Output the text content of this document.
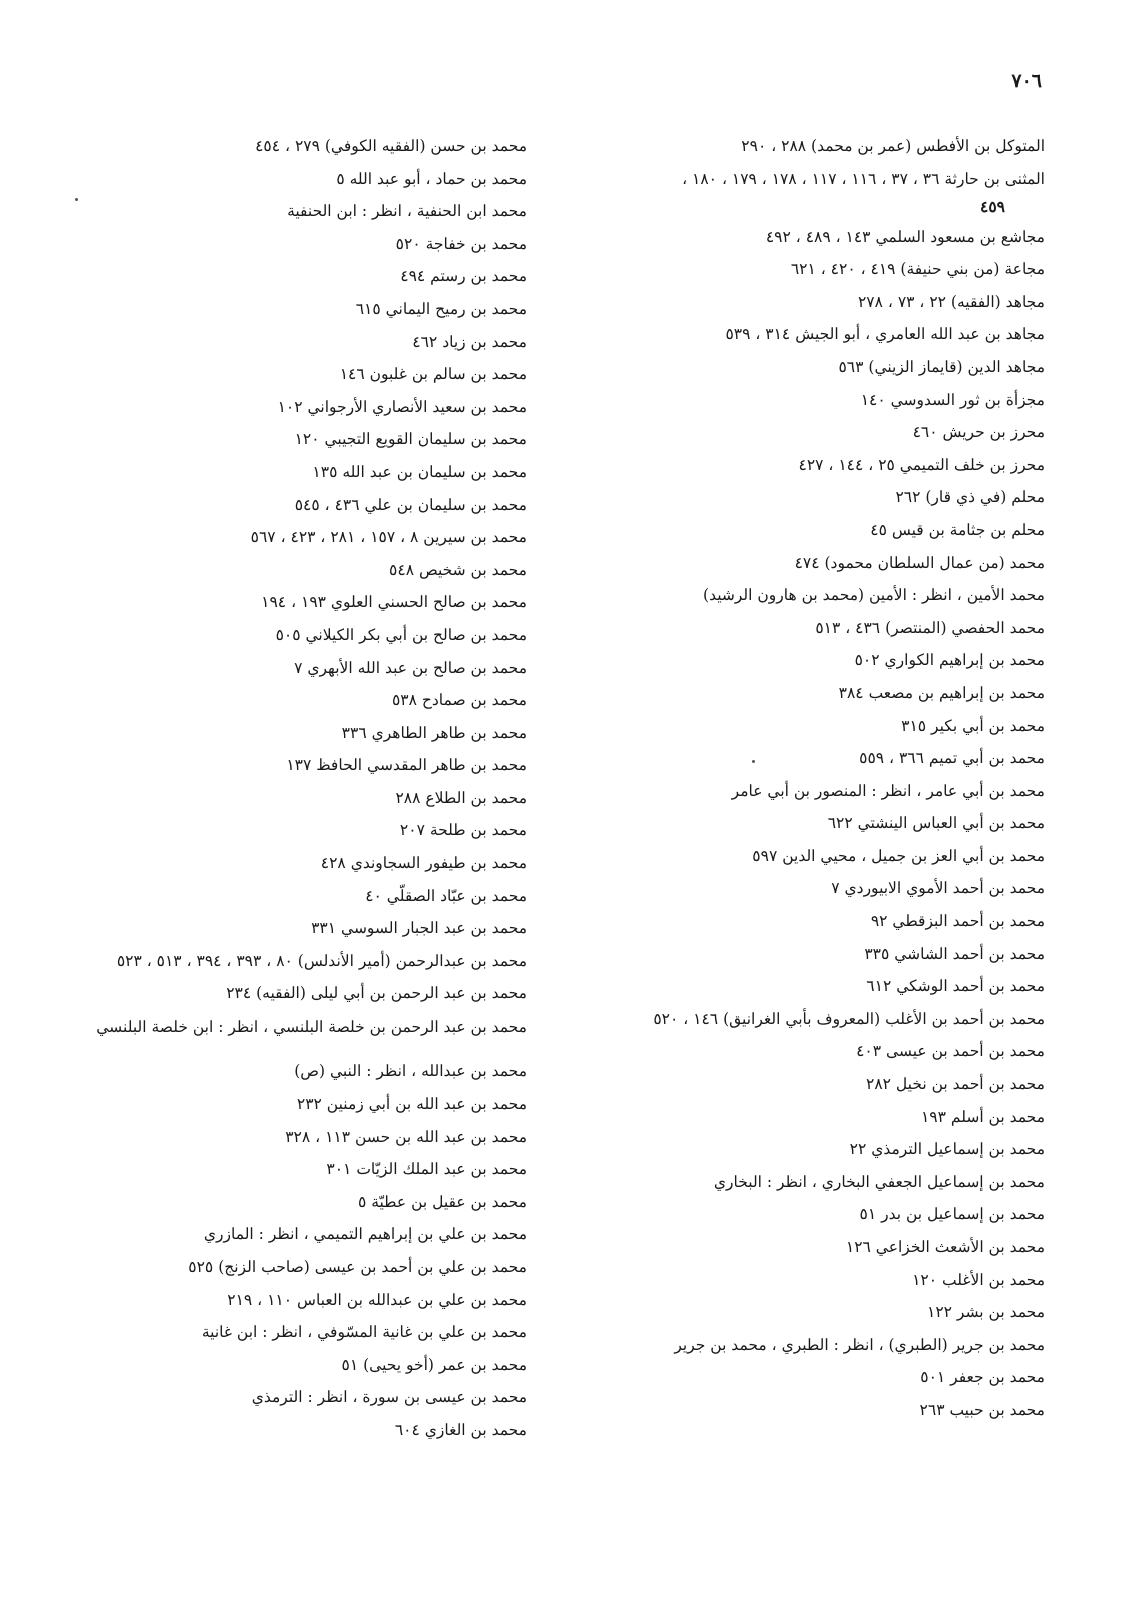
٧٠٦
المتوكل بن الأفطس (عمر بن محمد) ٢٨٨ ، ٢٩٠
المثنى بن حارثة ٣٦ ، ٣٧ ، ١١٦ ، ١١٧ ، ١٧٨ ، ١٧٩ ، ١٨٠ ،
٤٥٩
مجاشع بن مسعود السلمي ١٤٣ ، ٤٨٩ ، ٤٩٢
مجاعة (من بني حنيفة) ٤١٩ ، ٤٢٠ ، ٦٢١
مجاهد (الفقيه) ٢٢ ، ٧٣ ، ٢٧٨
مجاهد بن عبد الله العامري ، أبو الجيش ٣١٤ ، ٥٣٩
مجاهد الدين (قايماز الزيني) ٥٦٣
مجزأة بن ثور السدوسي ١٤٠
محرز بن حريش ٤٦٠
محرز بن خلف التميمي ٢٥ ، ١٤٤ ، ٤٢٧
محلم (في ذي قار) ٢٦٢
محلم بن جثامة بن قيس ٤٥
محمد (من عمال السلطان محمود) ٤٧٤
محمد الأمين ، انظر : الأمين (محمد بن هارون الرشيد)
محمد الحفصي (المنتصر) ٤٣٦ ، ٥١٣
محمد بن إبراهيم الكواري ٥٠٢
محمد بن إبراهيم بن مصعب ٣٨٤
محمد بن أبي بكير ٣١٥
محمد بن أبي تميم ٣٦٦ ، ٥٥٩
محمد بن أبي عامر ، انظر : المنصور بن أبي عامر
محمد بن أبي العباس الينشتي ٦٢٢
محمد بن أبي العز بن جميل ، محيي الدين ٥٩٧
محمد بن أحمد الأموي الابيوردي ٧
محمد بن أحمد البزقطي ٩٢
محمد بن أحمد الشاشي ٣٣٥
محمد بن أحمد الوشكي ٦١٢
محمد بن أحمد بن الأغلب (المعروف بأبي الغرانيق) ١٤٦ ، ٥٢٠
محمد بن أحمد بن عيسى ٤٠٣
محمد بن أحمد بن نخيل ٢٨٢
محمد بن أسلم ١٩٣
محمد بن إسماعيل الترمذي ٢٢
محمد بن إسماعيل الجعفي البخاري ، انظر : البخاري
محمد بن إسماعيل بن بدر ٥١
محمد بن الأشعث الخزاعي ١٢٦
محمد بن الأغلب ١٢٠
محمد بن بشر ١٢٢
محمد بن جرير (الطبري) ، انظر : الطبري ، محمد بن جرير
محمد بن جعفر ٥٠١
محمد بن حبيب ٢٦٣
محمد بن حسن (الفقيه الكوفي) ٢٧٩ ، ٤٥٤
محمد بن حماد ، أبو عبد الله ٥
محمد ابن الحنفية ، انظر : ابن الحنفية
محمد بن خفاجة ٥٢٠
محمد بن رستم ٤٩٤
محمد بن رميح اليماني ٦١٥
محمد بن زياد ٤٦٢
محمد بن سالم بن غلبون ١٤٦
محمد بن سعيد الأنصاري الأرجواني ١٠٢
محمد بن سليمان القويع التجيبي ١٢٠
محمد بن سليمان بن عبد الله ١٣٥
محمد بن سليمان بن علي ٤٣٦ ، ٥٤٥
محمد بن سيرين ٨ ، ١٥٧ ، ٢٨١ ، ٤٢٣ ، ٥٦٧
محمد بن شخيص ٥٤٨
محمد بن صالح الحسني العلوي ١٩٣ ، ١٩٤
محمد بن صالح بن أبي بكر الكيلاني ٥٠٥
محمد بن صالح بن عبد الله الأبهري ٧
محمد بن صمادح ٥٣٨
محمد بن طاهر الطاهري ٣٣٦
محمد بن طاهر المقدسي الحافظ ١٣٧
محمد بن الطلاع ٢٨٨
محمد بن طلحة ٢٠٧
محمد بن طيفور السجاوندي ٤٢٨
محمد بن عبّاد الصقلّي ٤٠
محمد بن عبد الجبار السوسي ٣٣١
محمد بن عبدالرحمن (أمير الأندلس) ٨٠ ، ٣٩٣ ، ٣٩٤ ، ٥١٣ ، ٥٢٣
محمد بن عبد الرحمن بن أبي ليلى (الفقيه) ٢٣٤
محمد بن عبد الرحمن بن خلصة البلنسي ، انظر : ابن خلصة البلنسي
محمد بن عبدالله ، انظر : النبي (ص)
محمد بن عبد الله بن أبي زمنين ٢٣٢
محمد بن عبد الله بن حسن ١١٣ ، ٣٢٨
محمد بن عبد الملك الزيّات ٣٠١
محمد بن عقيل بن عطيّة ٥
محمد بن علي بن إبراهيم التميمي ، انظر : المازري
محمد بن علي بن أحمد بن عيسى (صاحب الزنج) ٥٢٥
محمد بن علي بن عبدالله بن العباس ١١٠ ، ٢١٩
محمد بن علي بن غانية المسّوفي ، انظر : ابن غانية
محمد بن عمر (أخو يحيى) ٥١
محمد بن عيسى بن سورة ، انظر : الترمذي
محمد بن الغازي ٦٠٤
